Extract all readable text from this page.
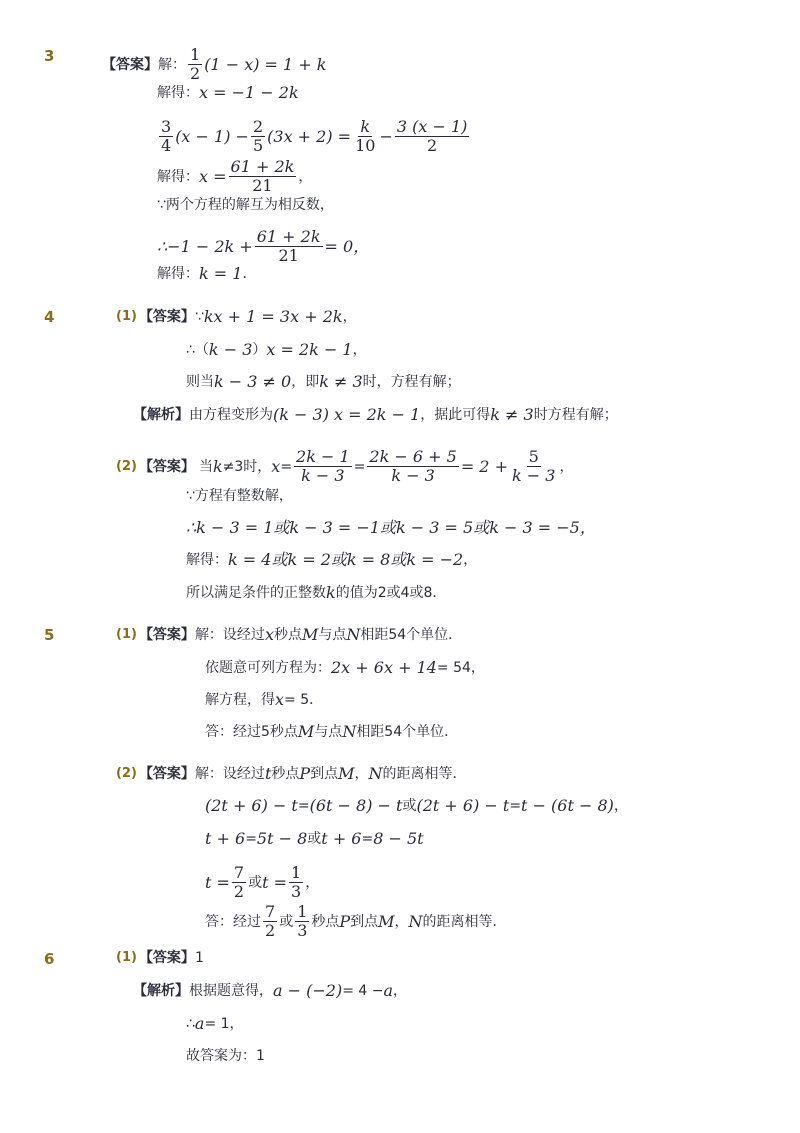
3	【答案】 解： $\frac{1}{2} (1 - x) = 1 + k$
解得： x = −1 − 2k
$\frac{3}{4} (x - 1) - \frac{2}{5} (3x + 2) = \frac{k}{10} - \frac{3 (x - 1)}{2}$
解得： $x = \frac{61 + 2k}{21}$ ，
∵两个方程的解互为相反数，
∴−1 − $2k + \frac{61 + 2k}{21} = 0$，
解得： k = 1 ．
4	(1) 【答案】 ∵ kx + 1 = 3x + 2k ，
∴（ k − 3 ） x = 2k − 1 ，
则当 k − 3 ≠ 0 ，即 k ≠ 3 时，方程有解；
【解析】 由方程变形为 (k − 3) x = 2k − 1 ，据此可得 k ≠ 3 时方程有解；
(2) 【答案】 当 k ≠3时， $x = \frac{2k - 1}{k - 3} = \frac{2k - 6 + 5}{k - 3} = 2 + \frac{5}{k - 3}$ ，
∵方程有整数解，
∴k − 3 = 1或k − 3 = −1或k − 3 = 5或k − 3 = −5，
解得： k = 4或k = 2或k = 8或k = −2 ，
所以满足条件的正整数 k 的值为2或4或8．
5	(1) 【答案】 解：设经过 x 秒点 M 与点 N 相距54个单位．
依题意可列方程为： 2x + 6x + 14 = 54，
解方程，得 x = 5．
答：经过5秒点 M 与点 N 相距54个单位．
(2) 【答案】 解：设经过 t 秒点 P 到点 M ， N 的距离相等．
(2t + 6) − t = (6t − 8) − t 或 (2t + 6) − t = t − (6t − 8) ，
t + 6 = 5t − 8 或 t + 6 = 8 − 5t
$t = \frac{7}{2}$ 或 $t = \frac{1}{3}$ ，
答：经过 $\frac{7}{2}$ 或 $\frac{1}{3}$ 秒点 P 到点 M ， N 的距离相等．
6	(1) 【答案】 1
【解析】 根据题意得， a − (−2) = 4 − a ，
∴ a = 1，
故答案为：1
